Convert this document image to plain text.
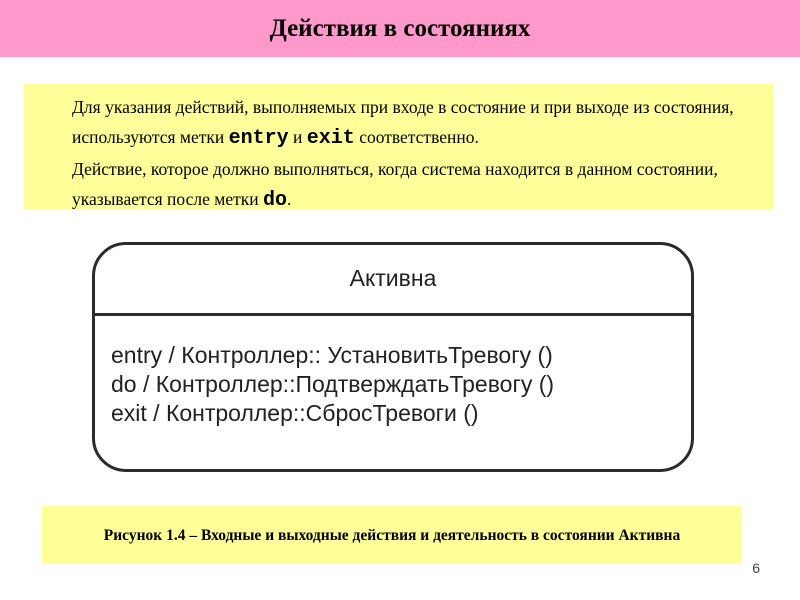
Действия в состояниях

Для указания действий, выполняемых при входе в состояние и при выходе из состояния, используются метки entry и exit соответственно.

Действие, которое должно выполняться, когда система находится в данном состоянии, указывается после метки do.

Активна
entry / Контроллер:: УстановитьТревогу ()
do / Контроллер::ПодтверждатьТревогу ()
exit / Контроллер::СбросТревоги ()
Рисунок 1.4 – Входные и выходные действия и деятельность в состоянии Активна
6
